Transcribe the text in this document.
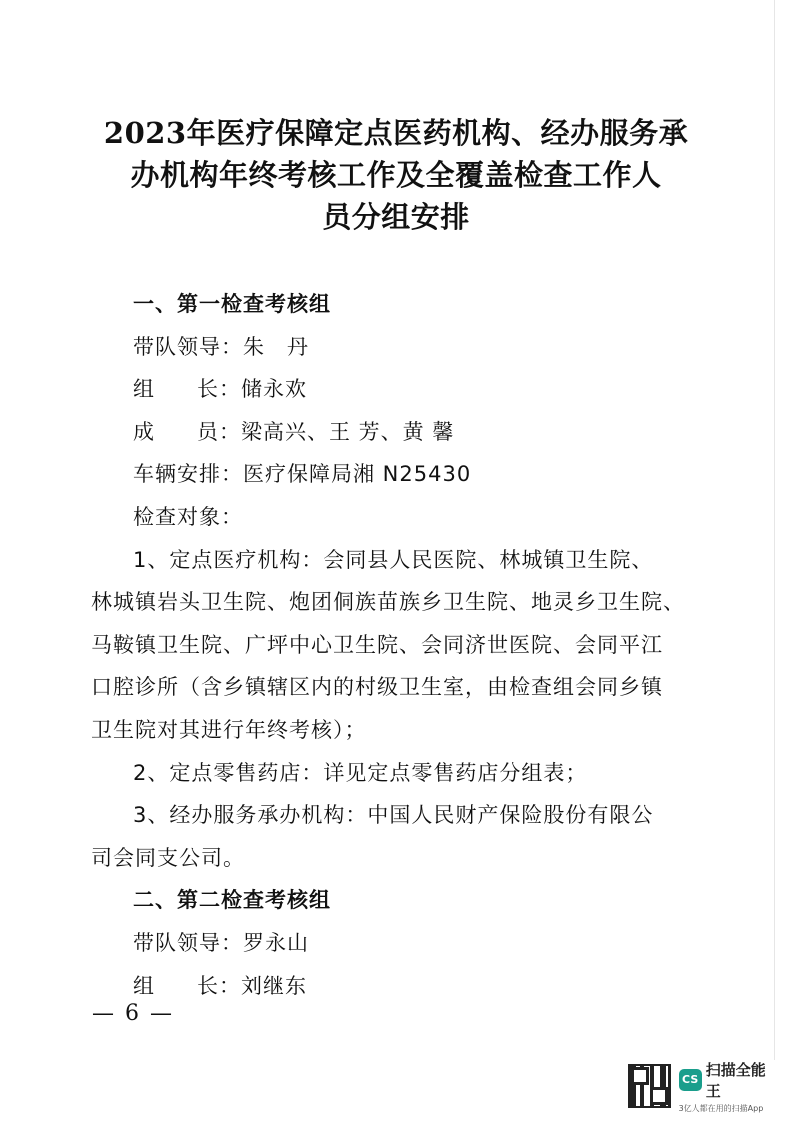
2023年医疗保障定点医药机构、经办服务承
办机构年终考核工作及全覆盖检查工作人
员分组安排

一、第一检查考核组

带队领导：朱　丹

组 长：储永欢

成 员：梁高兴、王 芳、黄 馨

车辆安排：医疗保障局湘 N25430

检查对象：

1、定点医疗机构：会同县人民医院、林城镇卫生院、

林城镇岩头卫生院、炮团侗族苗族乡卫生院、地灵乡卫生院、

马鞍镇卫生院、广坪中心卫生院、会同济世医院、会同平江

口腔诊所（含乡镇辖区内的村级卫生室，由检查组会同乡镇

卫生院对其进行年终考核）；

2、定点零售药店：详见定点零售药店分组表；

3、经办服务承办机构：中国人民财产保险股份有限公

司会同支公司。

二、第二检查考核组

带队领导：罗永山

组 长：刘继东

— 6 —
CS
扫描全能王
3亿人都在用的扫描App
